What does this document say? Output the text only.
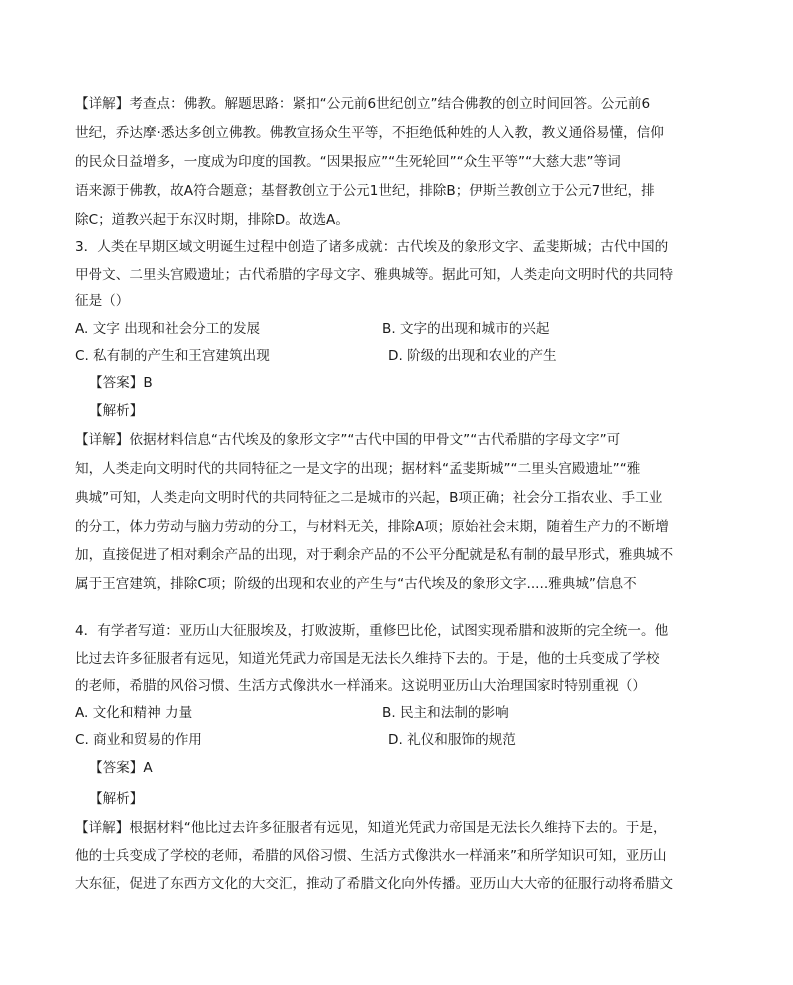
【详解】考查点：佛教。解题思路：紧扣“公元前6世纪创立”结合佛教的创立时间回答。公元前6
世纪，乔达摩·悉达多创立佛教。佛教宣扬众生平等，不拒绝低种姓的人入教，教义通俗易懂，信仰
的民众日益增多，一度成为印度的国教。“因果报应”“生死轮回”“众生平等”“大慈大悲”等词
语来源于佛教，故A符合题意；基督教创立于公元1世纪，排除B；伊斯兰教创立于公元7世纪，排
除C；道教兴起于东汉时期，排除D。故选A。
3．人类在早期区域文明诞生过程中创造了诸多成就：古代埃及的象形文字、孟斐斯城；古代中国的
甲骨文、二里头宫殿遗址；古代希腊的字母文字、雅典城等。据此可知，人类走向文明时代的共同特
征是（）
A. 文字 出现和社会分工的发展	B. 文字的出现和城市的兴起
C. 私有制的产生和王宫建筑出现	D. 阶级的出现和农业的产生
【答案】B
【解析】
【详解】依据材料信息“古代埃及的象形文字”“古代中国的甲骨文”“古代希腊的字母文字”可
知，人类走向文明时代的共同特征之一是文字的出现；据材料“孟斐斯城”“二里头宫殿遗址”“雅
典城”可知，人类走向文明时代的共同特征之二是城市的兴起，B项正确；社会分工指农业、手工业
的分工，体力劳动与脑力劳动的分工，与材料无关，排除A项；原始社会末期，随着生产力的不断增
加，直接促进了相对剩余产品的出现，对于剩余产品的不公平分配就是私有制的最早形式，雅典城不
属于王宫建筑，排除C项；阶级的出现和农业的产生与“古代埃及的象形文字.....雅典城”信息不
4．有学者写道：亚历山大征服埃及，打败波斯，重修巴比伦，试图实现希腊和波斯的完全统一。他
比过去许多征服者有远见，知道光凭武力帝国是无法长久维持下去的。于是，他的士兵变成了学校
的老师，希腊的风俗习惯、生活方式像洪水一样涌来。这说明亚历山大治理国家时特别重视（）
A. 文化和精神 力量	B. 民主和法制的影响
C. 商业和贸易的作用	D. 礼仪和服饰的规范
【答案】A
【解析】
【详解】根据材料“他比过去许多征服者有远见，知道光凭武力帝国是无法长久维持下去的。于是，
他的士兵变成了学校的老师，希腊的风俗习惯、生活方式像洪水一样涌来”和所学知识可知，亚历山
大东征，促进了东西方文化的大交汇，推动了希腊文化向外传播。亚历山大大帝的征服行动将希腊文
